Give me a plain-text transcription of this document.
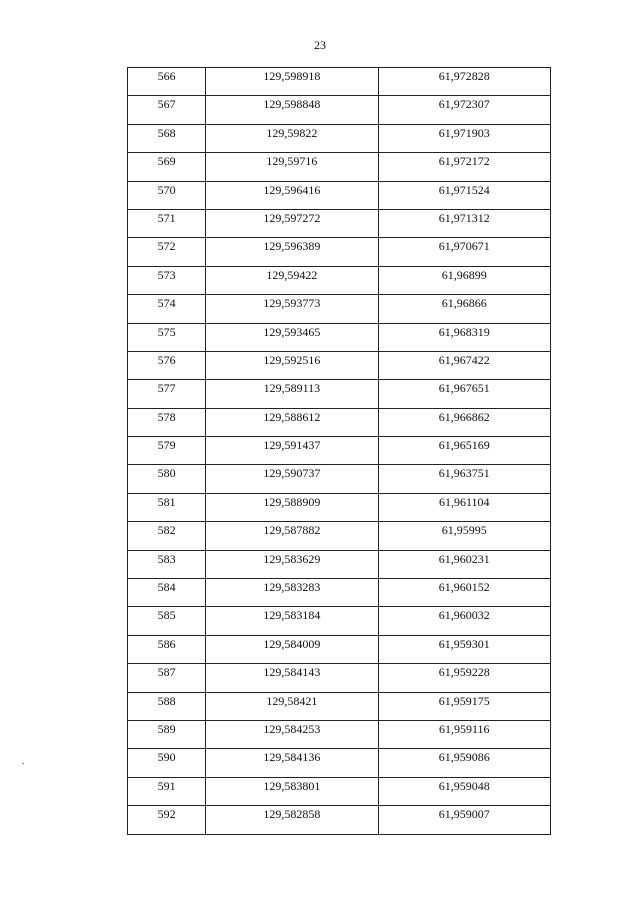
23
566	129,598918	61,972828
567	129,598848	61,972307
568	129,59822	61,971903
569	129,59716	61,972172
570	129,596416	61,971524
571	129,597272	61,971312
572	129,596389	61,970671
573	129,59422	61,96899
574	129,593773	61,96866
575	129,593465	61,968319
576	129,592516	61,967422
577	129,589113	61,967651
578	129,588612	61,966862
579	129,591437	61,965169
580	129,590737	61,963751
581	129,588909	61,961104
582	129,587882	61,95995
583	129,583629	61,960231
584	129,583283	61,960152
585	129,583184	61,960032
586	129,584009	61,959301
587	129,584143	61,959228
588	129,58421	61,959175
589	129,584253	61,959116
590	129,584136	61,959086
591	129,583801	61,959048
592	129,582858	61,959007
